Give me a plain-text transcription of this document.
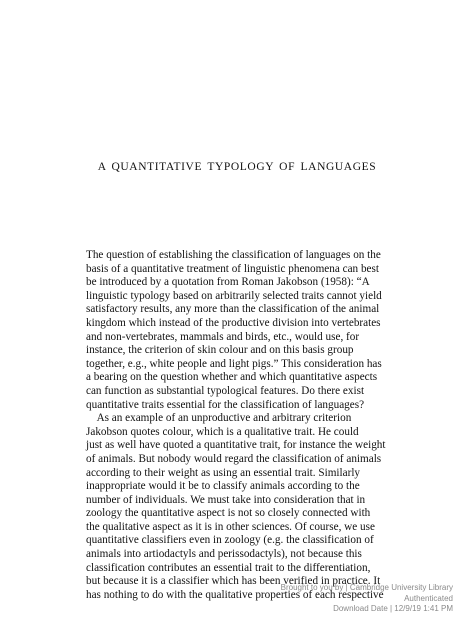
A QUANTITATIVE TYPOLOGY OF LANGUAGES
The question of establishing the classification of languages on the
basis of a quantitative treatment of linguistic phenomena can best
be introduced by a quotation from Roman Jakobson (1958): “A
linguistic typology based on arbitrarily selected traits cannot yield
satisfactory results, any more than the classification of the animal
kingdom which instead of the productive division into vertebrates
and non-vertebrates, mammals and birds, etc., would use, for
instance, the criterion of skin colour and on this basis group
together, e.g., white people and light pigs.” This consideration has
a bearing on the question whether and which quantitative aspects
can function as substantial typological features. Do there exist
quantitative traits essential for the classification of languages?
As an example of an unproductive and arbitrary criterion
Jakobson quotes colour, which is a qualitative trait. He could
just as well have quoted a quantitative trait, for instance the weight
of animals. But nobody would regard the classification of animals
according to their weight as using an essential trait. Similarly
inappropriate would it be to classify animals according to the
number of individuals. We must take into consideration that in
zoology the quantitative aspect is not so closely connected with
the qualitative aspect as it is in other sciences. Of course, we use
quantitative classifiers even in zoology (e.g. the classification of
animals into artiodactyls and perissodactyls), not because this
classification contributes an essential trait to the differentiation,
but because it is a classifier which has been verified in practice. It
has nothing to do with the qualitative properties of each respective
Brought to you by | Cambridge University Library
Authenticated
Download Date | 12/9/19 1:41 PM
